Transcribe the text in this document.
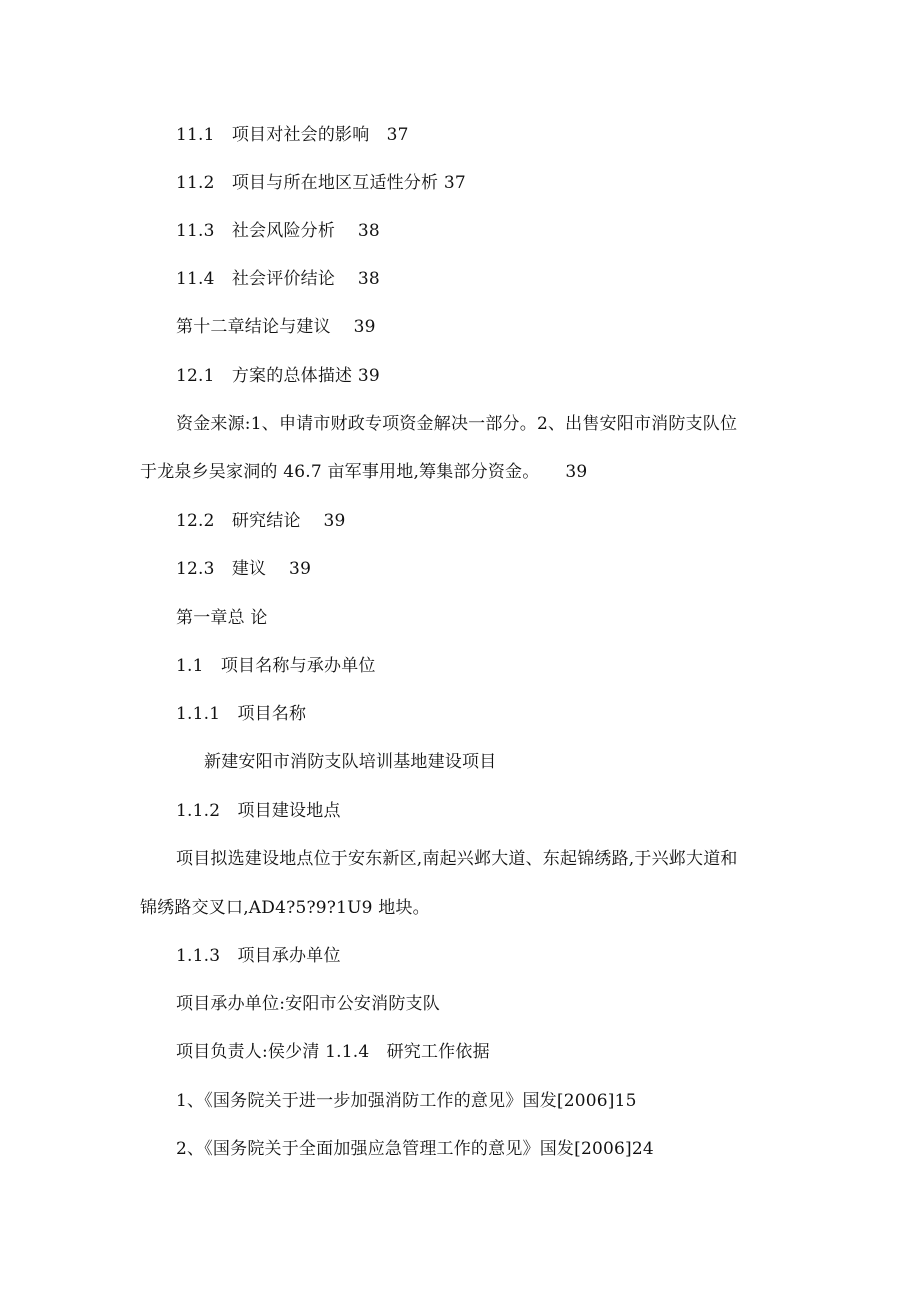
11.1　项目对社会的影响　37
11.2　项目与所在地区互适性分析 37
11.3　社会风险分析　 38
11.4　社会评价结论　 38
第十二章结论与建议　 39
12.1　方案的总体描述 39
资金来源:1、申请市财政专项资金解决一部分。2、出售安阳市消防支队位
于龙泉乡吴家洞的 46.7 亩军事用地,筹集部分资金。　　39
12.2　研究结论　 39
12.3　建议　 39
第一章总 论
1.1　项目名称与承办单位
1.1.1　项目名称
新建安阳市消防支队培训基地建设项目
1.1.2　项目建设地点
项目拟选建设地点位于安东新区,南起兴邺大道、东起锦绣路,于兴邺大道和
锦绣路交叉口,AD4?5?9?1U9 地块。
1.1.3　项目承办单位
项目承办单位:安阳市公安消防支队
项目负责人:侯少清 1.1.4　研究工作依据
1、《国务院关于进一步加强消防工作的意见》国发[2006]15
2、《国务院关于全面加强应急管理工作的意见》国发[2006]24
